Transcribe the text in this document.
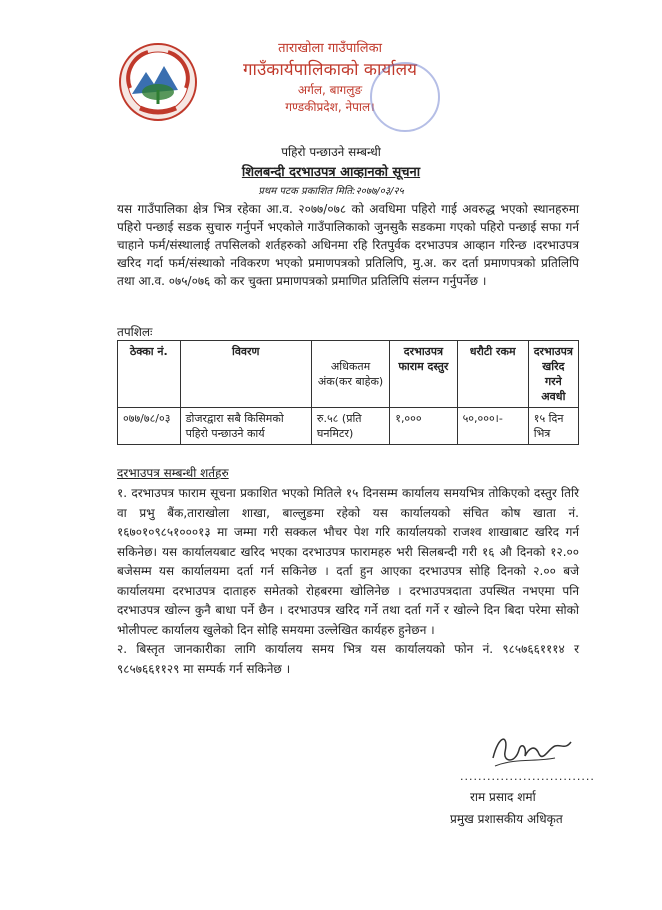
ताराखोला गाउँपालिका
गाउँकार्यपालिकाको कार्यालय
अर्गल, बागलुङ
गण्डकीप्रदेश, नेपाल।
पहिरो पन्छाउने सम्बन्धी
शिलबन्दी दरभाउपत्र आव्हानको सूचना
प्रथम पटक प्रकाशित मिति:२०७७/०३/२५
यस गाउँपालिका क्षेत्र भित्र रहेका आ.व. २०७७/०७८ को अवधिमा पहिरो गाई अवरुद्ध भएको स्थानहरुमा पहिरो पन्छाई सडक सुचारु गर्नुपर्ने भएकोले गाउँपालिकाको जुनसुकै सडकमा गएको पहिरो पन्छाई सफा गर्न चाहाने फर्म/संस्थालाई तपसिलको शर्तहरुको अधिनमा रहि रितपुर्वक दरभाउपत्र आव्हान गरिन्छ ।दरभाउपत्र खरिद गर्दा फर्म/संस्थाको नविकरण भएको प्रमाणपत्रको प्रतिलिपि, मु.अ. कर दर्ता प्रमाणपत्रको प्रतिलिपि तथा आ.व. ०७५/०७६ को कर चुक्ता प्रमाणपत्रको प्रमाणित प्रतिलिपि संलग्न गर्नुपर्नेछ ।
तपशिलः
ठेक्का नं.	विवरण	अधिकतम अंक(कर बाहेक)	दरभाउपत्र फाराम दस्तुर	धरौटी रकम	दरभाउपत्र खरिद गरने अवधी
०७७/७८/०३	डोजरद्वारा सबै किसिमको पहिरो पन्छाउने कार्य	रु.५८ (प्रति घनमिटर)	१,०००	५०,०००।-	१५ दिन भित्र
दरभाउपत्र सम्बन्धी शर्तहरु

१. दरभाउपत्र फाराम सूचना प्रकाशित भएको मितिले १५ दिनसम्म कार्यालय समयभित्र तोकिएको दस्तुर तिरि वा प्रभु बैंक,ताराखोला शाखा, बाल्लुङमा रहेको यस कार्यालयको संचित कोष खाता नं. १६७०१०९८५१०००१३ मा जम्मा गरी सक्कल भौचर पेश गरि कार्यालयको राजश्व शाखाबाट खरिद गर्न सकिनेछ। यस कार्यालयबाट खरिद भएका दरभाउपत्र फारामहरु भरी सिलबन्दी गरी १६ औ दिनको १२.०० बजेसम्म यस कार्यालयमा दर्ता गर्न सकिनेछ । दर्ता हुन आएका दरभाउपत्र सोहि दिनको २.०० बजे कार्यालयमा दरभाउपत्र दाताहरु समेतको रोहबरमा खोलिनेछ । दरभाउपत्रदाता उपस्थित नभएमा पनि दरभाउपत्र खोल्न कुनै बाधा पर्ने छैन । दरभाउपत्र खरिद गर्ने तथा दर्ता गर्ने र खोल्ने दिन बिदा परेमा सोको भोलीपल्ट कार्यालय खुलेको दिन सोहि समयमा उल्लेखित कार्यहरु हुनेछन ।

२. बिस्तृत जानकारीका लागि कार्यालय समय भित्र यस कार्यालयको फोन नं. ९८५७६६१११४ र ९८५७६६११२९ मा सम्पर्क गर्न सकिनेछ ।

..............................
राम प्रसाद शर्मा
प्रमुख प्रशासकीय अधिकृत
